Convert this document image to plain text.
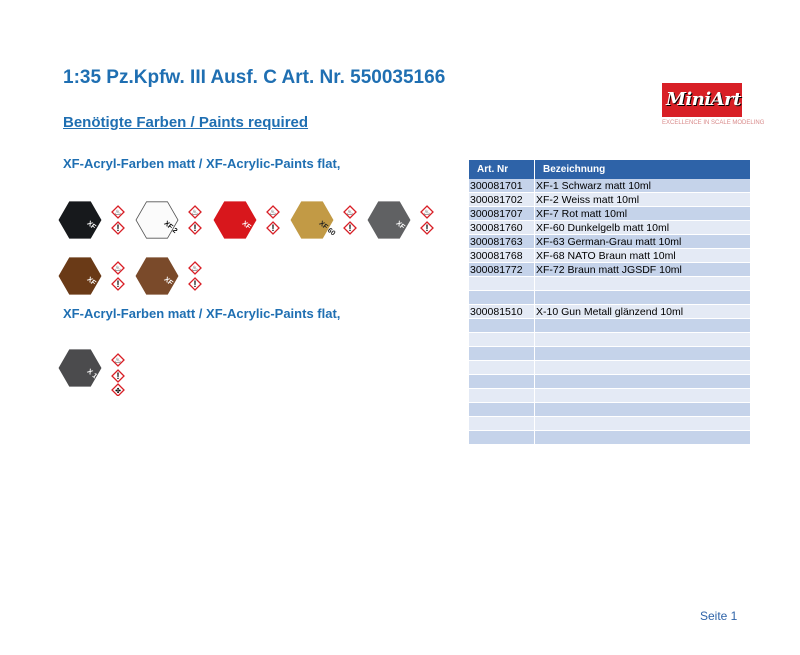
1:35 Pz.Kpfw. III Ausf. C Art. Nr. 550035166
Benötigte Farben / Paints required
MiniArt
EXCELLENCE IN SCALE MODELING
XF-Acryl-Farben matt / XF-Acrylic-Paints flat,
♨
!
XF 1
♨
!
XF 2
♨
!
XF 7
♨
!
XF 60
♨
!
XF 63
♨
!
XF 68
♨
!
XF 72
XF-Acryl-Farben matt / XF-Acrylic-Paints flat,
♨
!
✤
X 10
Art. Nr	Bezeichnung
300081701	XF-1 Schwarz matt 10ml
300081702	XF-2 Weiss matt 10ml
300081707	XF-7 Rot matt 10ml
300081760	XF-60 Dunkelgelb matt 10ml
300081763	XF-63 German-Grau matt 10ml
300081768	XF-68 NATO Braun matt 10ml
300081772	XF-72 Braun matt JGSDF 10ml

300081510	X-10 Gun Metall glänzend 10ml

Seite 1
